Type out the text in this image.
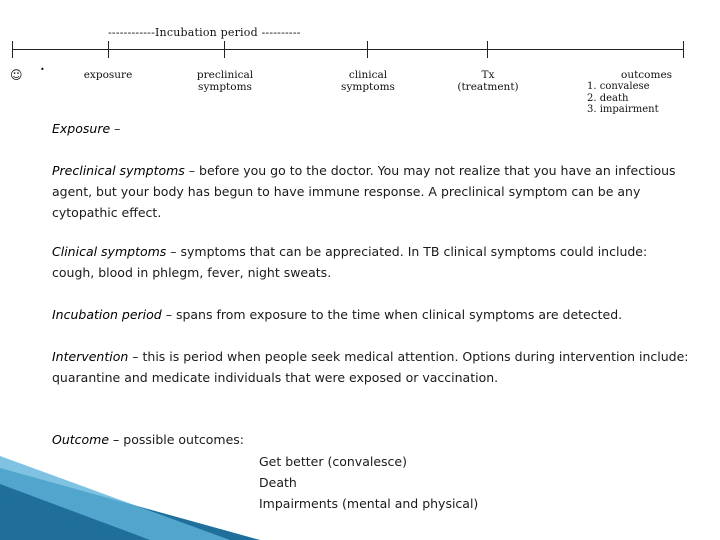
------------Incubation period ----------
☺ •	exposure	preclinical
symptoms
clinical
symptoms
Tx
(treatment)
outcomes
1. convalese
2. death
3. impairment
Exposure –
Preclinical symptoms – before you go to the doctor. You may not realize that you have an infectious agent, but your body has begun to have immune response. A preclinical symptom can be any cytopathic effect.
Clinical symptoms – symptoms that can be appreciated. In TB clinical symptoms could include: cough, blood in phlegm, fever, night sweats.
Incubation period – spans from exposure to the time when clinical symptoms are detected.
Intervention – this is period when people seek medical attention. Options during intervention include: quarantine and medicate individuals that were exposed or vaccination.
Outcome – possible outcomes:
Get better (convalesce)
Death
Impairments (mental and physical)
